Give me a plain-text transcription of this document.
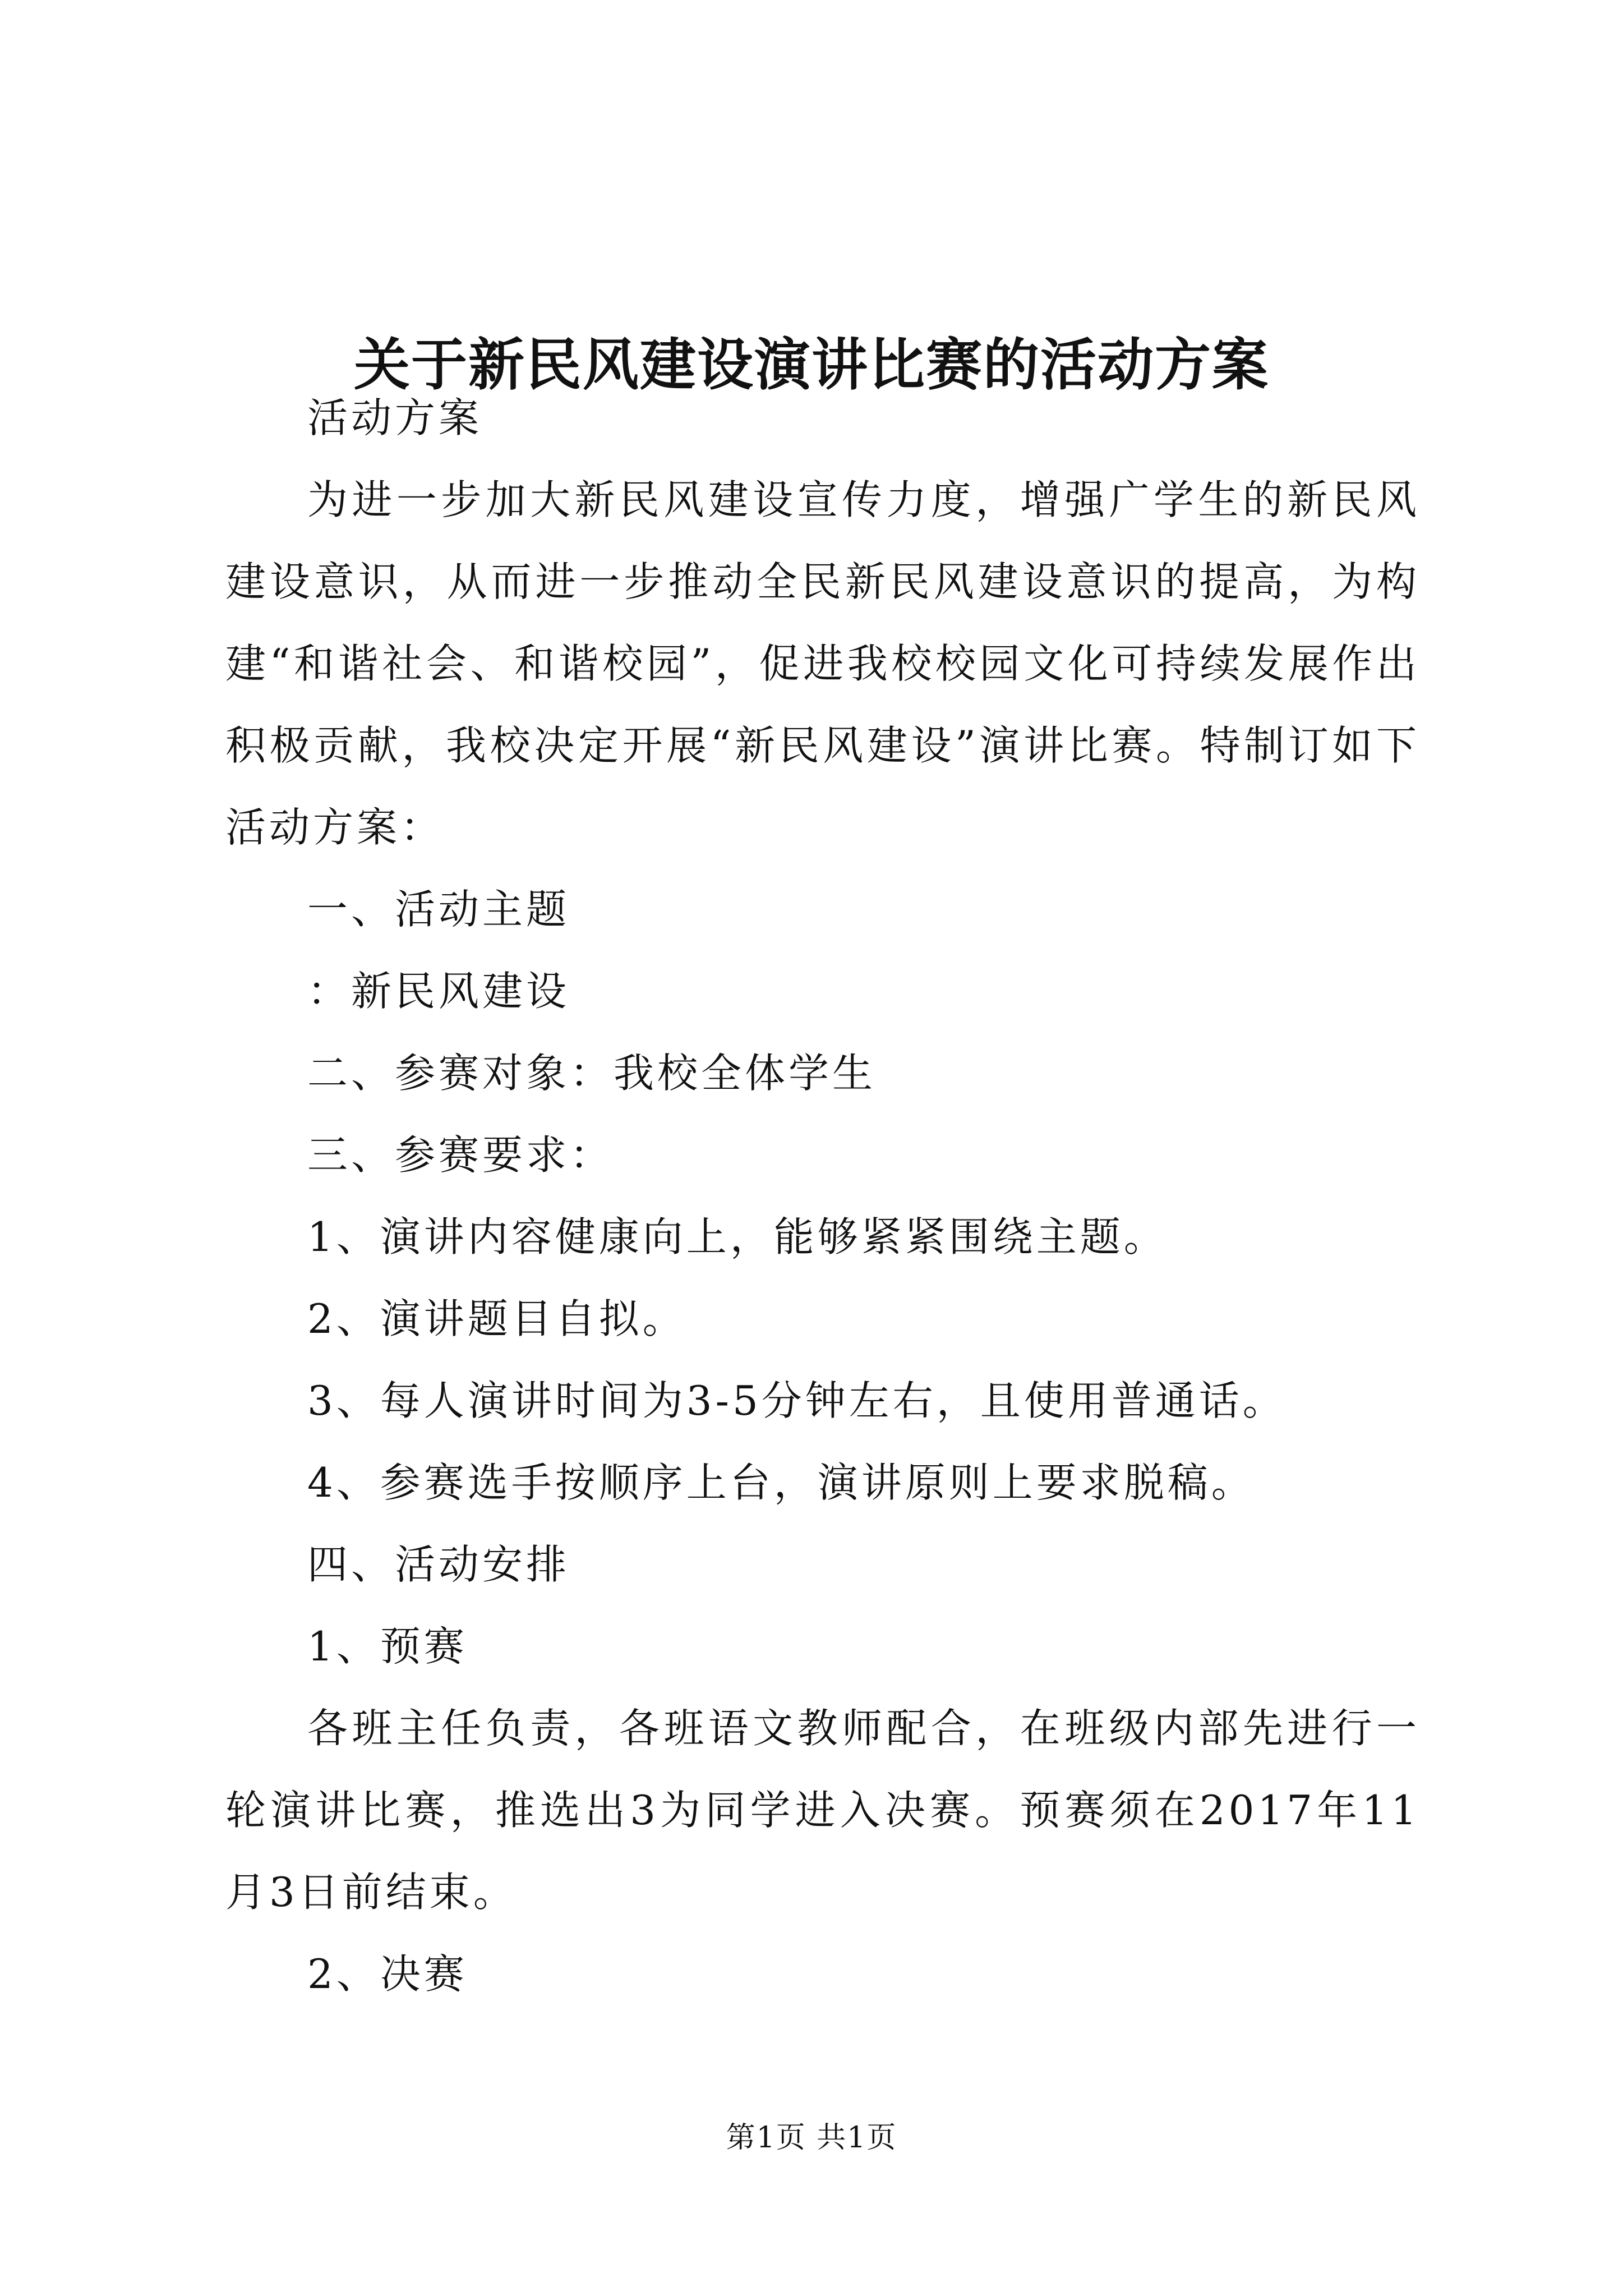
关于新民风建设演讲比赛的活动方案

活动方案

为进一步加大新民风建设宣传力度，增强广学生的新民风建设意识，从而进一步推动全民新民风建设意识的提高，为构建“和谐社会、和谐校园”，促进我校校园文化可持续发展作出积极贡献，我校决定开展“新民风建设”演讲比赛。特制订如下活动方案：

一、活动主题

：新民风建设

二、参赛对象：我校全体学生

三、参赛要求：

1、演讲内容健康向上，能够紧紧围绕主题。

2、演讲题目自拟。

3、每人演讲时间为3-5分钟左右，且使用普通话。

4、参赛选手按顺序上台，演讲原则上要求脱稿。

四、活动安排

1、预赛

各班主任负责，各班语文教师配合，在班级内部先进行一轮演讲比赛，推选出3为同学进入决赛。预赛须在2017年11月3日前结束。

2、决赛

第1页 共1页
